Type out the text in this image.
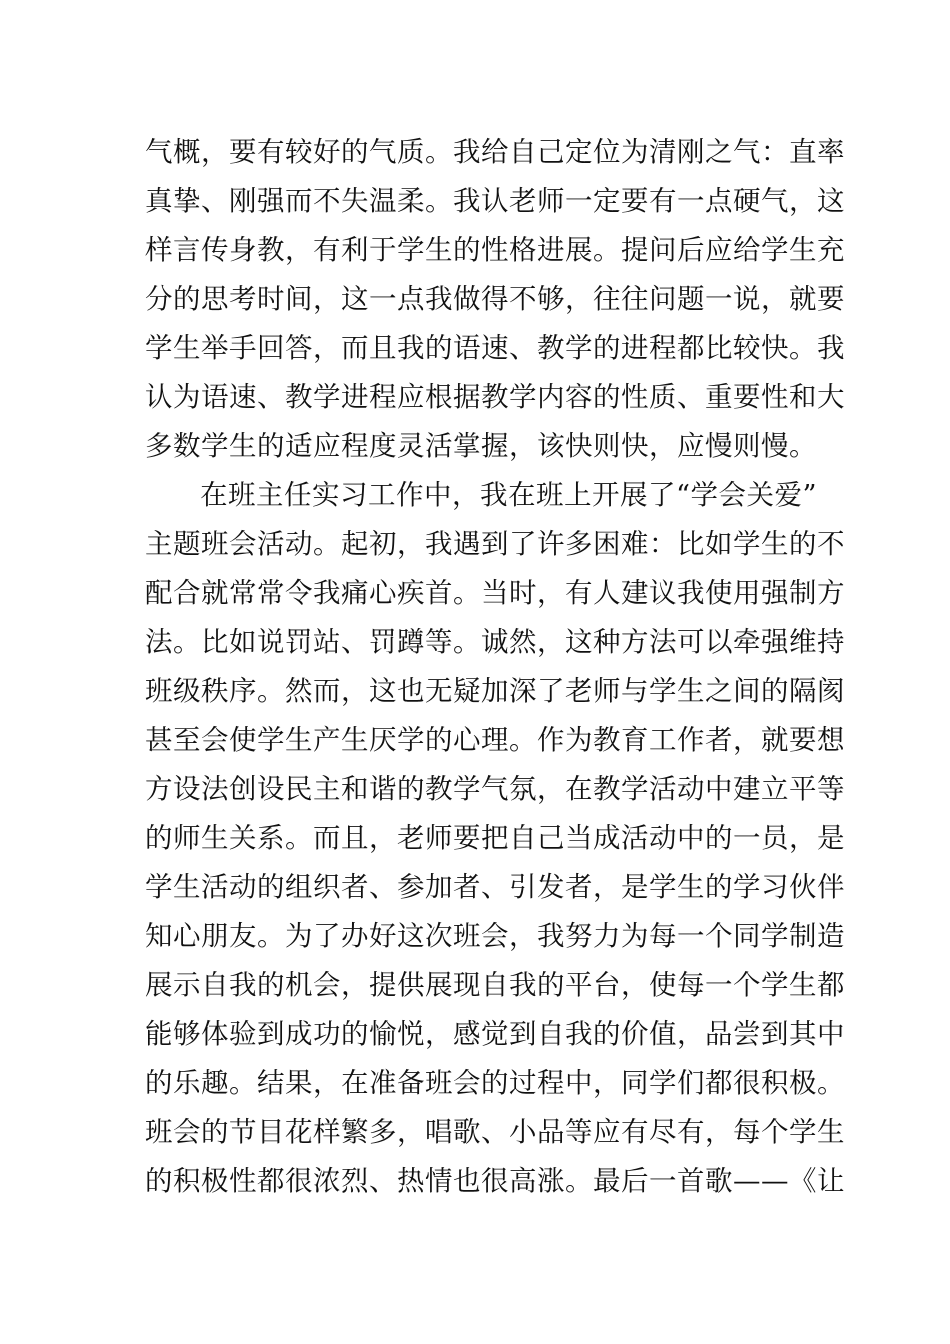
气概，要有较好的气质。我给自己定位为清刚之气：直率
真挚、刚强而不失温柔。我认老师一定要有一点硬气，这
样言传身教，有利于学生的性格进展。提问后应给学生充
分的思考时间，这一点我做得不够，往往问题一说，就要
学生举手回答，而且我的语速、教学的进程都比较快。我
认为语速、教学进程应根据教学内容的性质、重要性和大
多数学生的适应程度灵活掌握，该快则快，应慢则慢。
在班主任实习工作中，我在班上开展了“学会关爱”
主题班会活动。起初，我遇到了许多困难：比如学生的不
配合就常常令我痛心疾首。当时，有人建议我使用强制方
法。比如说罚站、罚蹲等。诚然，这种方法可以牵强维持
班级秩序。然而，这也无疑加深了老师与学生之间的隔阂
甚至会使学生产生厌学的心理。作为教育工作者，就要想
方设法创设民主和谐的教学气氛，在教学活动中建立平等
的师生关系。而且，老师要把自己当成活动中的一员，是
学生活动的组织者、参加者、引发者，是学生的学习伙伴
知心朋友。为了办好这次班会，我努力为每一个同学制造
展示自我的机会，提供展现自我的平台，使每一个学生都
能够体验到成功的愉悦，感觉到自我的价值，品尝到其中
的乐趣。结果，在准备班会的过程中，同学们都很积极。
班会的节目花样繁多，唱歌、小品等应有尽有，每个学生
的积极性都很浓烈、热情也很高涨。最后一首歌——《让
